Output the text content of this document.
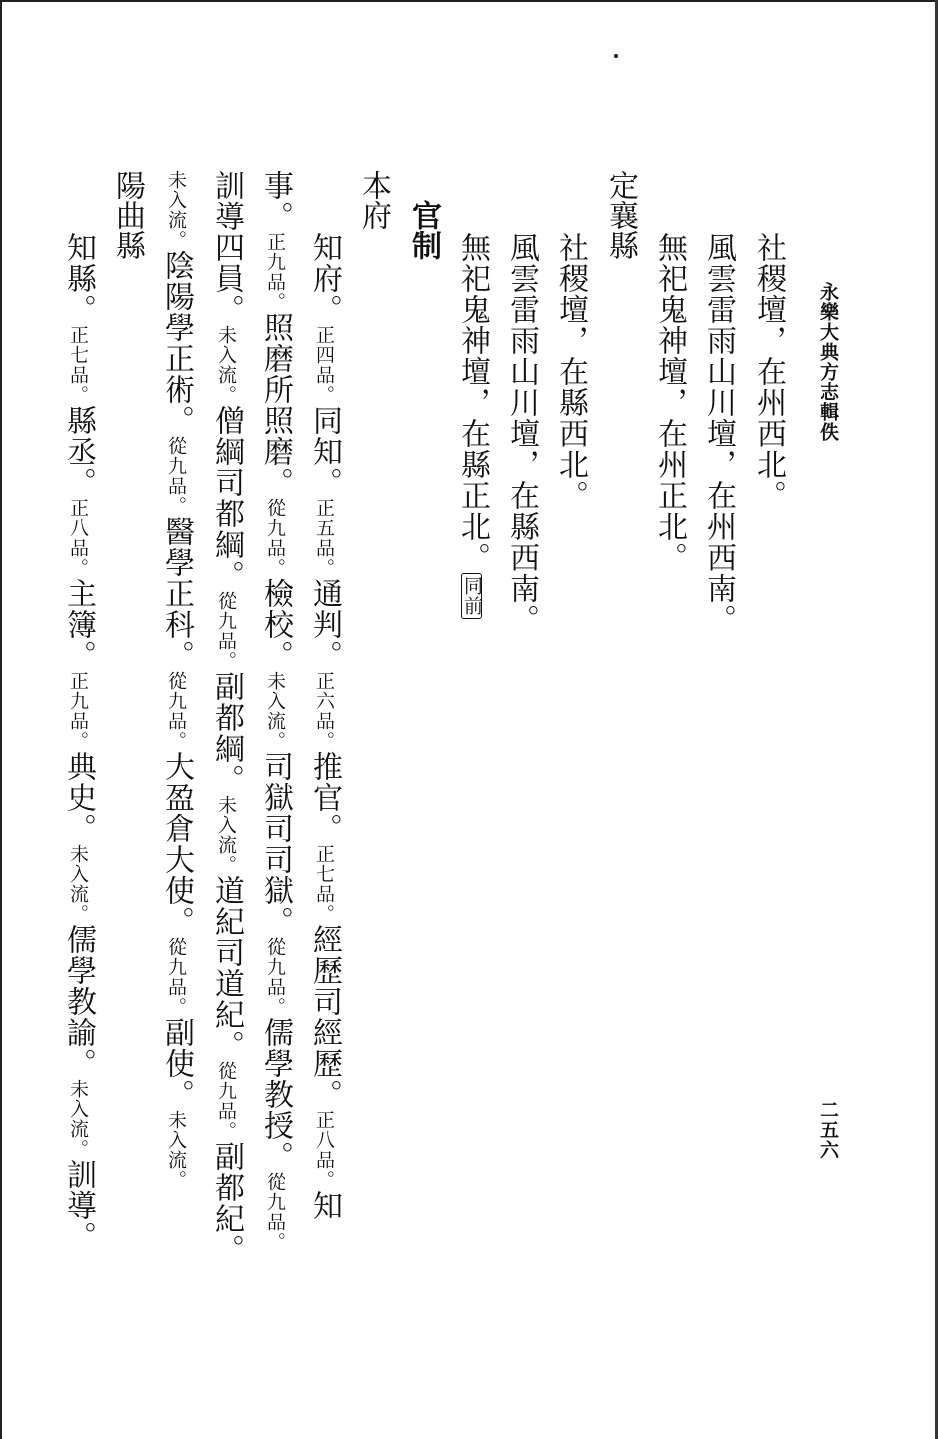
永樂大典方志輯佚
二五六
社稷壇，在州西北。
風雲雷雨山川壇，在州西南。
無祀鬼神壇，在州正北。
定襄縣
社稷壇，在縣西北。
風雲雷雨山川壇，在縣西南。
無祀鬼神壇，在縣正北。同前
官制
本府
知府。正四品。同知。正五品。通判。正六品。推官。正七品。經歷司經歷。正八品。知
事。正九品。照磨所照磨。從九品。檢校。未入流。司獄司司獄。從九品。儒學教授。從九品。
訓導四員。未入流。僧綱司都綱。從九品。副都綱。未入流。道紀司道紀。從九品。副都紀。
未入流。陰陽學正術。從九品。醫學正科。從九品。大盈倉大使。從九品。副使。未入流。
陽曲縣
知縣。正七品。縣丞。正八品。主簿。正九品。典史。未入流。儒學教諭。未入流。訓導。
